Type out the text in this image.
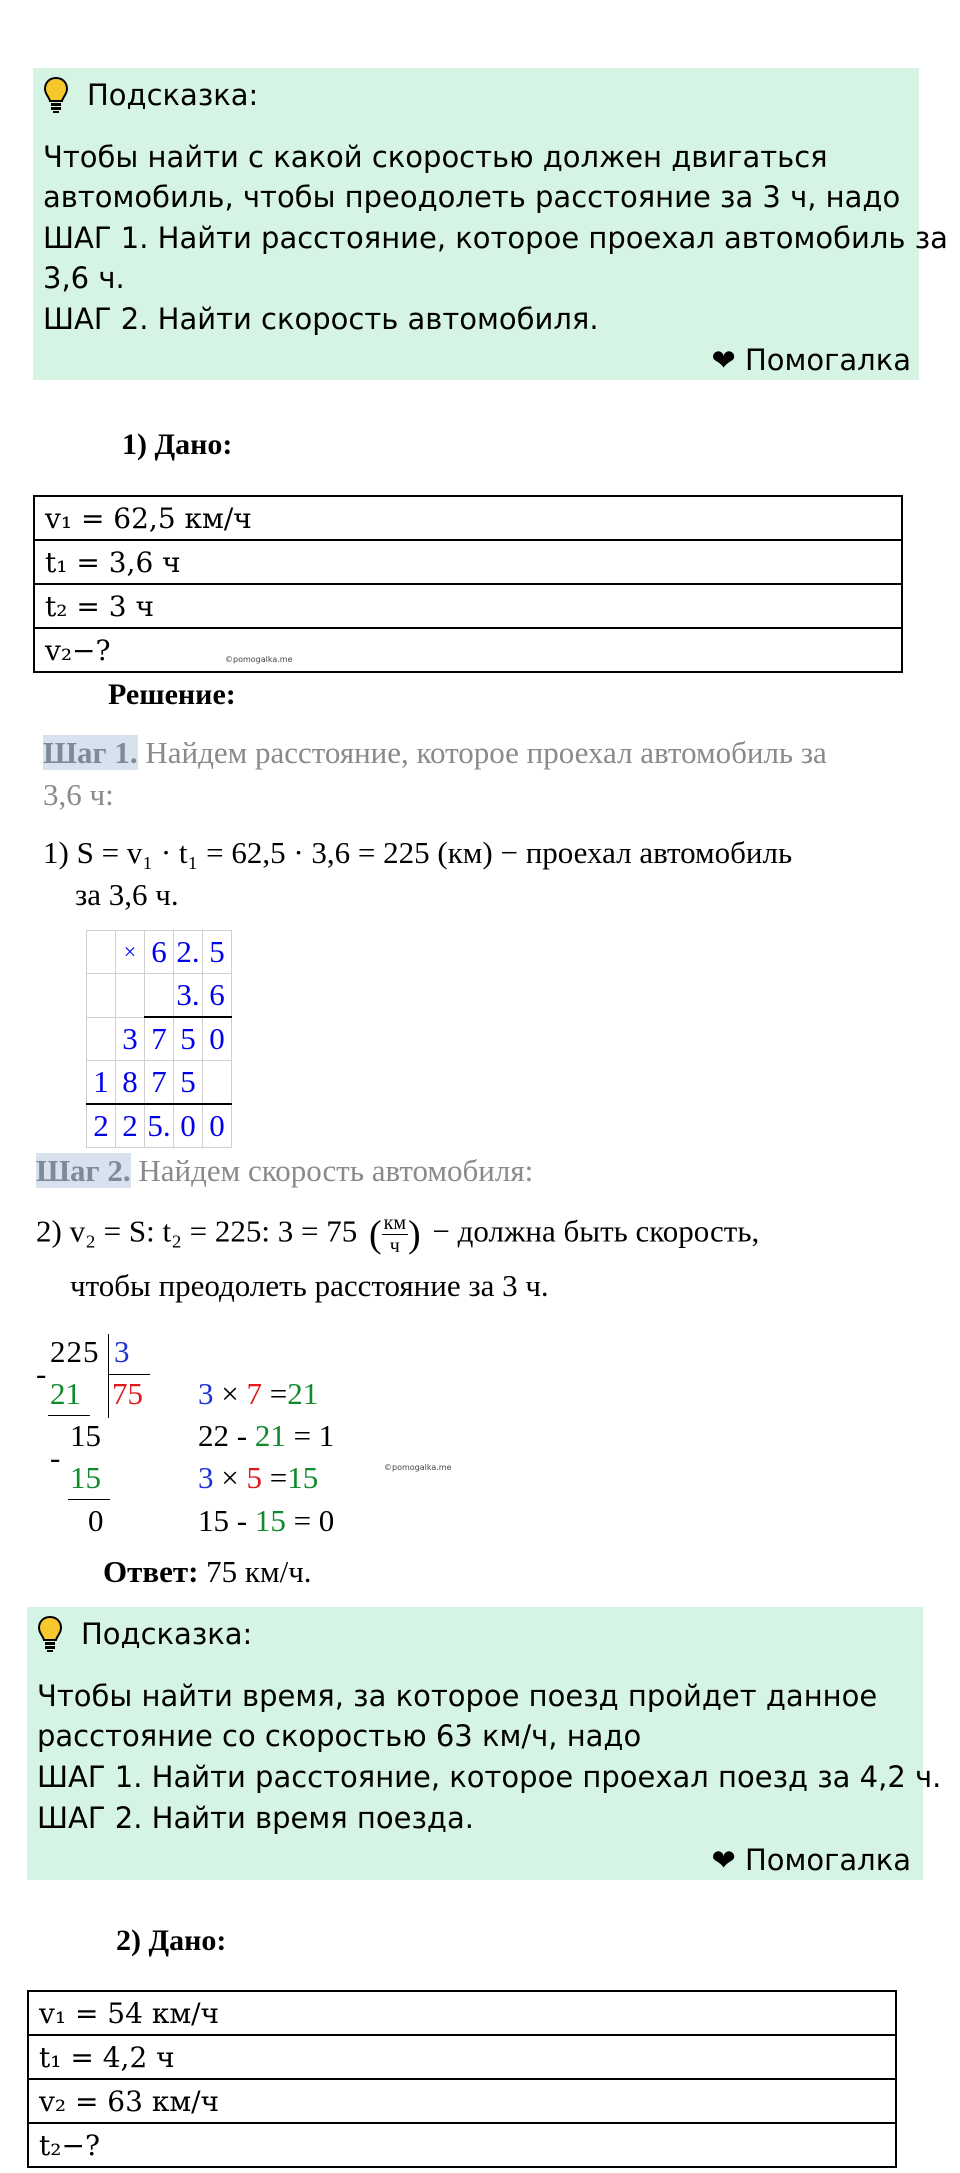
Подсказка:
Чтобы найти с какой скоростью должен двигаться
автомобиль, чтобы преодолеть расстояние за 3 ч, надо
ШАГ 1. Найти расстояние, которое проехал автомобиль за
3,6 ч.
ШАГ 2. Найти скорость автомобиля.
❤ Помогалка
1) Дано:
v₁ = 62,5 км/ч
t₁ = 3,6 ч
t₂ = 3 ч
v₂−?	©pomogalka.me
Решение:
Шаг 1. Найдем расстояние, которое проехал автомобиль за
3,6 ч:
1) S = v₁ · t₁ = 62,5 · 3,6 = 225 (км) − проехал автомобиль
за 3,6 ч.
	×	6	2.	5
			3.	6
	3	7	5	0
1	8	7	5	
2	2	5.	0	0
Шаг 2. Найдем скорость автомобиля:
2) v₂ = S: t₂ = 225: 3 = 75 ( км
ч ) − должна быть скорость,
чтобы преодолеть расстояние за 3 ч.
225 3
-
21 75
15
-
15
0
3 × 7 =21
22 - 21 = 1
3 × 5 =15
15 - 15 = 0
©pomogalka.me
Ответ: 75 км/ч.
Подсказка:
Чтобы найти время, за которое поезд пройдет данное
расстояние со скоростью 63 км/ч, надо
ШАГ 1. Найти расстояние, которое проехал поезд за 4,2 ч.
ШАГ 2. Найти время поезда.
❤ Помогалка
2) Дано:
v₁ = 54 км/ч
t₁ = 4,2 ч
v₂ = 63 км/ч
t₂−?
